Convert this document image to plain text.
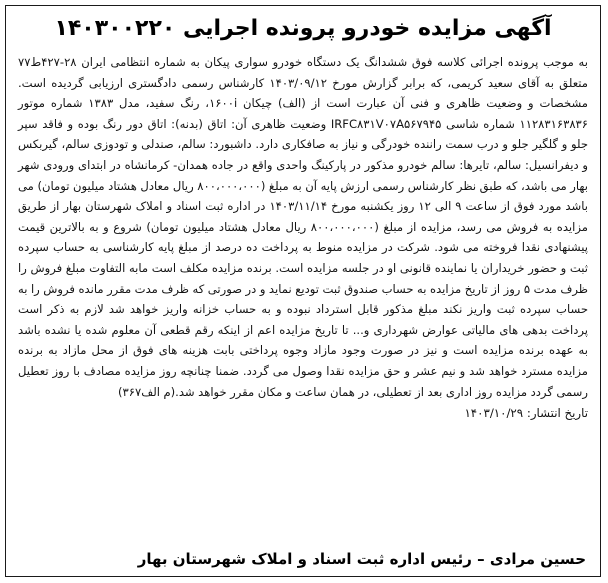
آگهی مزایده خودرو پرونده اجرایی ۱۴۰۳۰۰۲۲۰

به موجب پرونده اجرائی کلاسه فوق ششدانگ یک دستگاه خودرو سواری پیکان به شماره انتظامی ایران ۲۸-۴۲۷ط۷۷ متعلق به آقای سعید کریمی، که برابر گزارش مورخ ۱۴۰۳/۰۹/۱۲ کارشناس رسمی دادگستری ارزیابی گردیده است. مشخصات و وضعیت ظاهری و فنی آن عبارت است از (الف) چیکان ۱۶۰۰i، رنگ سفید، مدل ۱۳۸۳ شماره موتور ۱۱۲۸۳۱۶۳۸۳۶ شماره شاسی IRFC۸۳۱V۰۷A۵۶۷۹۴۵ وضعیت ظاهری آن: اتاق (بدنه): اتاق دور رنگ بوده و فاقد سپر جلو و گلگیر جلو و درب سمت راننده خودرگی و نیاز به صافکاری دارد. داشبورد: سالم، صندلی و تودوزی سالم، گیربکس و دیفرانسیل: سالم، تایرها: سالم خودرو مذکور در پارکینگ واحدی واقع در جاده همدان- کرمانشاه در ابتدای ورودی شهر بهار می باشد، که طبق نظر کارشناس رسمی ارزش پایه آن به مبلغ (۸۰۰،۰۰۰،۰۰۰ ریال معادل هشتاد میلیون تومان) می باشد مورد فوق از ساعت ۹ الی ۱۲ روز یکشنبه مورخ ۱۴۰۳/۱۱/۱۴ در اداره ثبت اسناد و املاک شهرستان بهار از طریق مزایده به فروش می رسد، مزایده از مبلغ (۸۰۰،۰۰۰،۰۰۰ ریال معادل هشتاد میلیون تومان) شروع و به بالاترین قیمت پیشنهادی نقدا فروخته می شود. شرکت در مزایده منوط به پرداخت ده درصد از مبلغ پایه کارشناسی به حساب سپرده ثبت و حضور خریداران یا نماینده قانونی او در جلسه مزایده است. برنده مزایده مکلف است مابه التفاوت مبلغ فروش را ظرف مدت ۵ روز از تاریخ مزایده به حساب صندوق ثبت تودیع نماید و در صورتی که ظرف مدت مقرر مانده فروش را به حساب سپرده ثبت واریز نکند مبلغ مذکور قابل استرداد نبوده و به حساب خزانه واریز خواهد شد لازم به ذکر است پرداخت بدهی های مالیاتی عوارض شهرداری و... تا تاریخ مزایده اعم از اینکه رقم قطعی آن معلوم شده یا نشده باشد به عهده برنده مزایده است و نیز در صورت وجود مازاد وجوه پرداختی بابت هزینه های فوق از محل مازاد به برنده مزایده مسترد خواهد شد و نیم عشر و حق مزایده نقدا وصول می گردد. ضمنا چنانچه روز مزایده مصادف با روز تعطیل رسمی گردد مزایده روز اداری بعد از تعطیلی، در همان ساعت و مکان مقرر خواهد شد.(م الف۳۶۷)

تاریخ انتشار: ۱۴۰۳/۱۰/۲۹

حسین مرادی – رئیس اداره ثبت اسناد و املاک شهرستان بهار
